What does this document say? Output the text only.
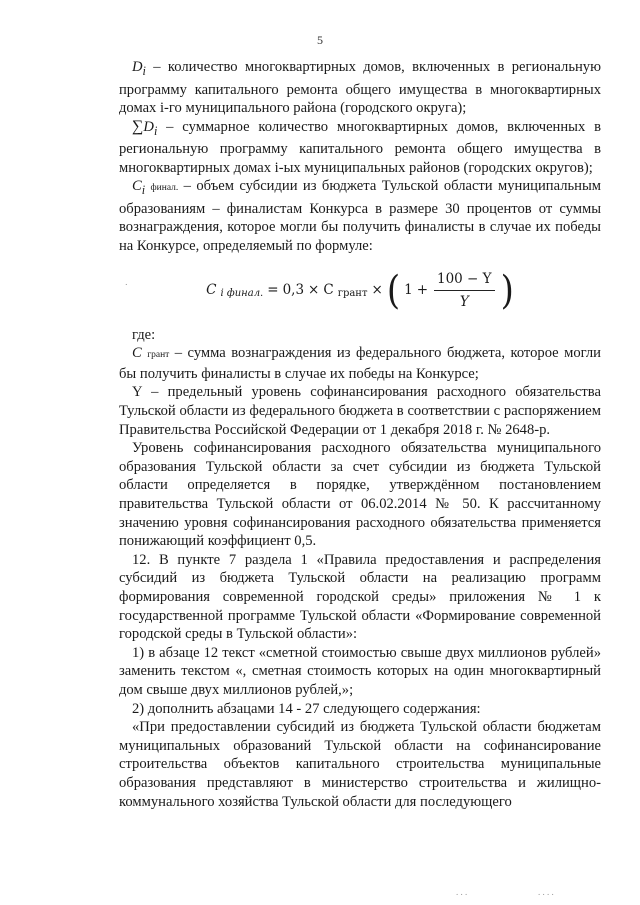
5

$D_i$ – количество многоквартирных домов, включенных в региональную программу капитального ремонта общего имущества в многоквартирных домах i-го муниципального района (городского округа);

$\sum D_i$ – суммарное количество многоквартирных домов, включенных в региональную программу капитального ремонта общего имущества в многоквартирных домах i-ых муниципальных районов (городских округов);

$C_i$ финал. – объем субсидии из бюджета Тульской области муниципальным образованиям – финалистам Конкурса в размере 30 процентов от суммы вознаграждения, которое могли бы получить финалисты в случае их победы на Конкурсе, определяемый по формуле:

.
C i финал. = 0,3 × C грант × ( $1 + \frac{100 - Y}{Y}$ )

где:

C грант – сумма вознаграждения из федерального бюджета, которое могли бы получить финалисты в случае их победы на Конкурсе;

Y – предельный уровень софинансирования расходного обязательства Тульской области из федерального бюджета в соответствии с распоряжением Правительства Российской Федерации от 1 декабря 2018 г. № 2648-р.

Уровень софинансирования расходного обязательства муниципального образования Тульской области за счет субсидии из бюджета Тульской области определяется в порядке, утверждённом постановлением правительства Тульской области от 06.02.2014 № 50. К рассчитанному значению уровня софинансирования расходного обязательства применяется понижающий коэффициент 0,5.

12. В пункте 7 раздела 1 «Правила предоставления и распределения субсидий из бюджета Тульской области на реализацию программ формирования современной городской среды» приложения № 1 к государственной программе Тульской области «Формирование современной городской среды в Тульской области»:

1) в абзаце 12 текст «сметной стоимостью свыше двух миллионов рублей» заменить текстом «, сметная стоимость которых на один многоквартирный дом свыше двух миллионов рублей,»;

2) дополнить абзацами 14 - 27 следующего содержания:

«При предоставлении субсидий из бюджета Тульской области бюджетам муниципальных образований Тульской области на софинансирование строительства объектов капитального строительства муниципальные образования представляют в министерство строительства и жилищно-коммунального хозяйства Тульской области для последующего

. . .	. . . .
